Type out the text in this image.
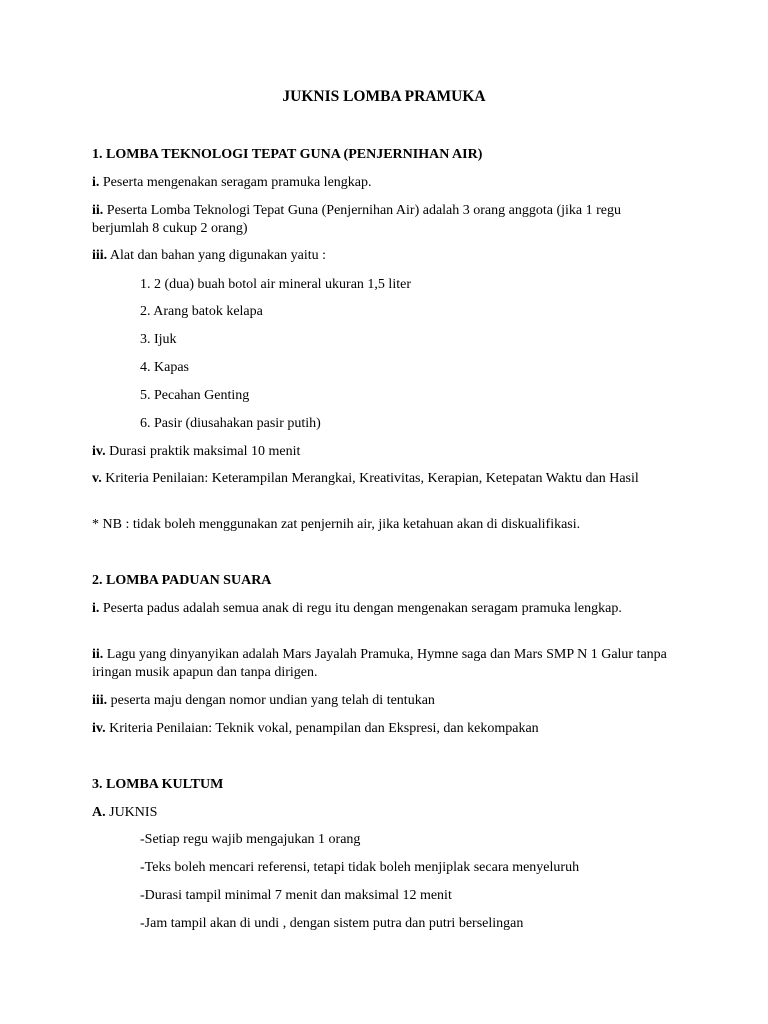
JUKNIS LOMBA PRAMUKA

1. LOMBA TEKNOLOGI TEPAT GUNA (PENJERNIHAN AIR)

i. Peserta mengenakan seragam pramuka lengkap.

ii. Peserta Lomba Teknologi Tepat Guna (Penjernihan Air) adalah 3 orang anggota (jika 1 regu berjumlah 8 cukup 2 orang)

iii. Alat dan bahan yang digunakan yaitu :

1. 2 (dua) buah botol air mineral ukuran 1,5 liter

2. Arang batok kelapa

3. Ijuk

4. Kapas

5. Pecahan Genting

6. Pasir (diusahakan pasir putih)

iv. Durasi praktik maksimal 10 menit

v. Kriteria Penilaian: Keterampilan Merangkai, Kreativitas, Kerapian, Ketepatan Waktu dan Hasil

* NB : tidak boleh menggunakan zat penjernih air, jika ketahuan akan di diskualifikasi.

2. LOMBA PADUAN SUARA

i. Peserta padus adalah semua anak di regu itu dengan mengenakan seragam pramuka lengkap.

ii. Lagu yang dinyanyikan adalah Mars Jayalah Pramuka, Hymne saga dan Mars SMP N 1 Galur tanpa iringan musik apapun dan tanpa dirigen.

iii. peserta maju dengan nomor undian yang telah di tentukan

iv. Kriteria Penilaian: Teknik vokal, penampilan dan Ekspresi, dan kekompakan

3. LOMBA KULTUM

A. JUKNIS

-Setiap regu wajib mengajukan 1 orang

-Teks boleh mencari referensi, tetapi tidak boleh menjiplak secara menyeluruh

-Durasi tampil minimal 7 menit dan maksimal 12 menit

-Jam tampil akan di undi , dengan sistem putra dan putri berselingan
